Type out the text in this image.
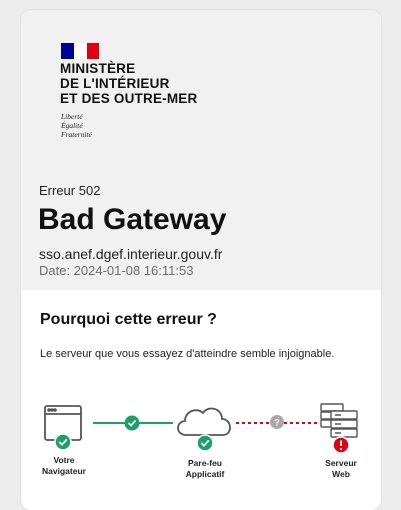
MINISTÈRE
DE L'INTÉRIEUR
ET DES OUTRE-MER
Liberté
Égalité
Fraternité
Erreur 502
Bad Gateway
sso.anef.dgef.interieur.gouv.fr
Date: 2024-01-08 16:11:53
Pourquoi cette erreur ?
Le serveur que vous essayez d'atteindre semble injoignable.
?
Votre
Navigateur
Pare-feu
Applicatif
Serveur
Web
